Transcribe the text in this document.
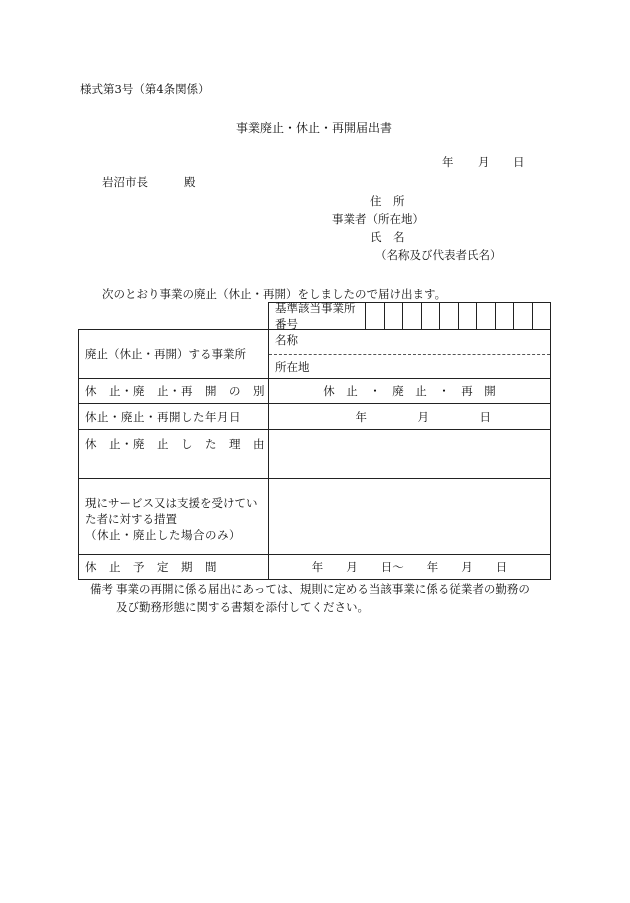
様式第3号（第4条関係）
事業廃止・休止・再開届出書
年 月 日
岩沼市長	殿
住　所
事業者（所在地）
氏　名
（名称及び代表者氏名）
次のとおり事業の廃止（休止・再開）をしましたので届け出ます。

	基準該当事業所番号

廃止（休止・再開）する事業所	名称
所在地

休　止・廃　止・再　開　の　別	休　止　・　廃　止　・　再　開
休止・廃止・再開した年月日	年 月 日

休　止・廃　止　し　た　理　由	

現にサービス又は支援を受けてい
た者に対する措置
（休止・廃止した場合のみ）	

休　止　予　定　期　間	年　　月　　日〜　　年　　月　　日
備考 事業の再開に係る届出にあっては、規則に定める当該事業に係る従業者の勤務の
及び勤務形態に関する書類を添付してください。
